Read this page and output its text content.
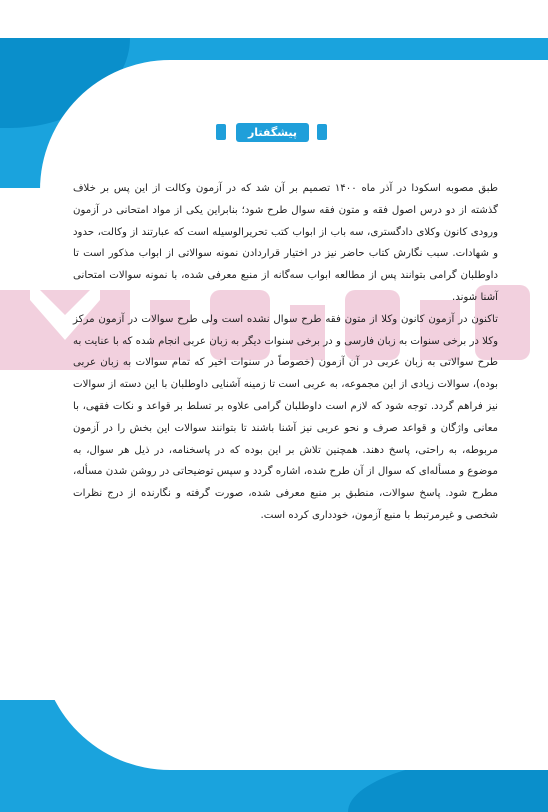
پیشگفتار

طبق مصوبه اسکودا در آذر ماه ۱۴۰۰ تصمیم بر آن شد که در آزمون وکالت از این پس بر خلاف گذشته از دو درس اصول فقه و متون فقه سوال طرح شود؛ بنابراین یکی از مواد امتحانی در آزمون ورودی کانون وکلای دادگستری، سه باب از ابواب کتب تحریرالوسیله است که عبارتند از وکالت، حدود و شهادات. سبب نگارش کتاب حاضر نیز در اختیار قراردادن نمونه سوالاتی از ابواب مذکور است تا داوطلبان گرامی بتوانند پس از مطالعه ابواب سه‌گانه از منبع معرفی شده، با نمونه سوالات امتحانی آشنا شوند.

تاکنون در آزمون کانون وکلا از متون فقه طرح سوال نشده است ولی طرح سوالات در آزمون مرکز وکلا در برخی سنوات به زبان فارسی و در برخی سنوات دیگر به زبان عربی انجام شده که با عنایت به طرح سوالاتی به زبان عربی در آن آزمون (خصوصاً در سنوات اخیر که تمام سوالات به زبان عربی بوده)، سوالات زیادی از این مجموعه، به عربی است تا زمینه آشنایی داوطلبان با این دسته از سوالات نیز فراهم گردد. توجه شود که لازم است داوطلبان گرامی علاوه بر تسلط بر قواعد و نکات فقهی، با معانی واژگان و قواعد صرف و نحو عربی نیز آشنا باشند تا بتوانند سوالات این بخش را در آزمون مربوطه، به راحتی، پاسخ دهند. همچنین تلاش بر این بوده که در پاسخنامه، در ذیل هر سوال، به موضوع و مسأله‌ای که سوال از آن طرح شده، اشاره گردد و سپس توضیحاتی در روشن شدن مسأله، مطرح شود. پاسخ سوالات، منطبق بر منبع معرفی شده، صورت گرفته و نگارنده از درج نظرات شخصی و غیرمرتبط با منبع آزمون، خودداری کرده است.
